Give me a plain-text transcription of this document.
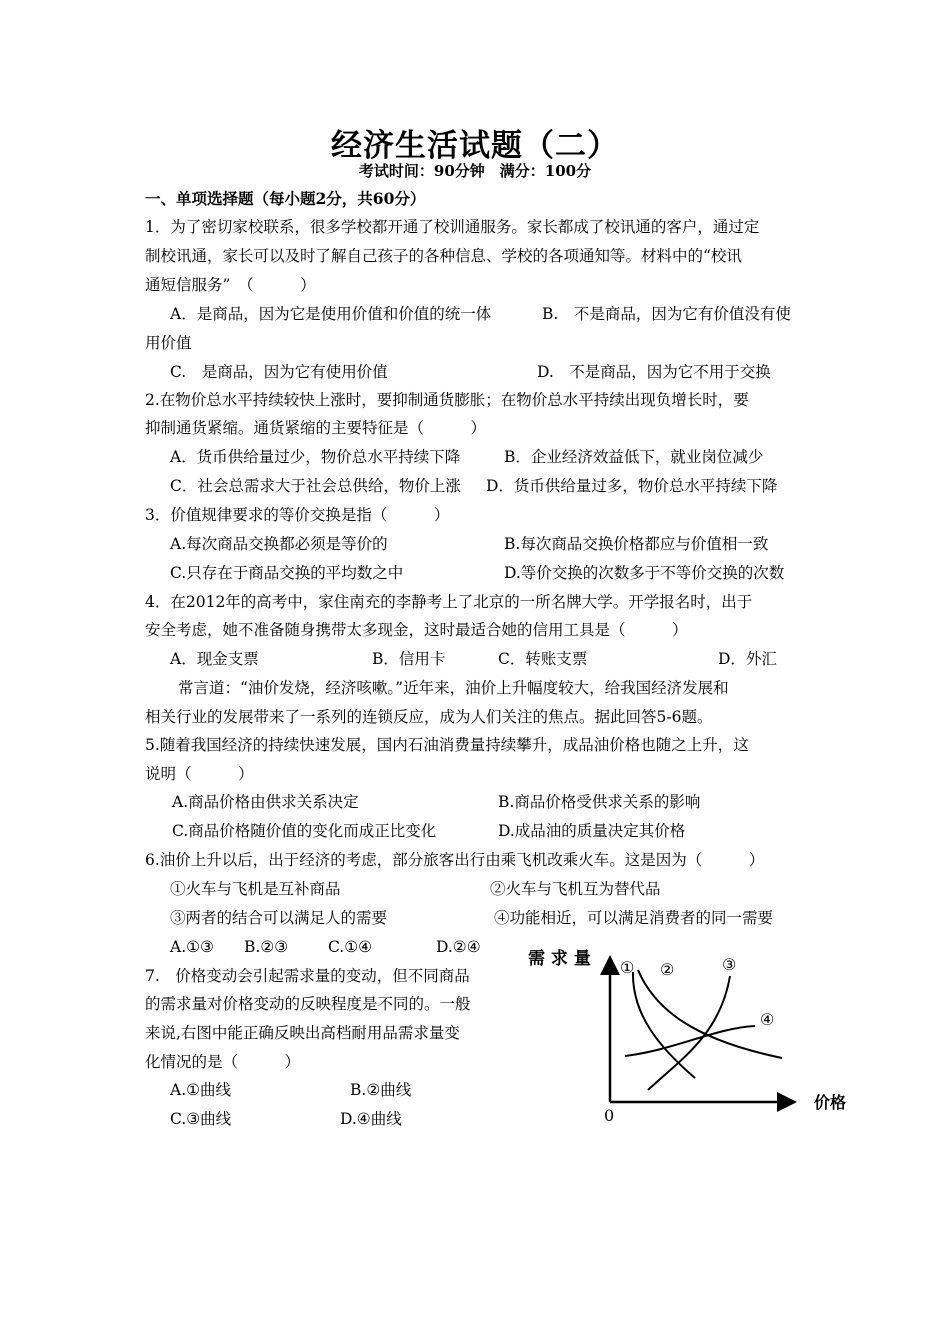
经济生活试题（二）
考试时间：90分钟　满分：100分
一、单项选择题（每小题2分，共60分）
1．为了密切家校联系，很多学校都开通了校训通服务。家长都成了校讯通的客户，通过定
制校讯通，家长可以及时了解自己孩子的各种信息、学校的各项通知等。材料中的“校讯
通短信服务”　（　　　）
A．是商品，因为它是使用价值和价值的统一体	B.　不是商品，因为它有价值没有使
用价值
C.　是商品，因为它有使用价值	D.　不是商品，因为它不用于交换
2.在物价总水平持续较快上涨时，要抑制通货膨胀；在物价总水平持续出现负增长时，要
抑制通货紧缩。通货紧缩的主要特征是（　　　）
A．货币供给量过少，物价总水平持续下降	B．企业经济效益低下，就业岗位减少
C．社会总需求大于社会总供给，物价上涨 D．货币供给量过多，物价总水平持续下降
3．价值规律要求的等价交换是指（　　　）
A.每次商品交换都必须是等价的	B.每次商品交换价格都应与价值相一致
C.只存在于商品交换的平均数之中	D.等价交换的次数多于不等价交换的次数
4．在2012年的高考中，家住南充的李静考上了北京的一所名牌大学。开学报名时，出于
安全考虑，她不准备随身携带太多现金，这时最适合她的信用工具是（　　　）
A．现金支票	B．信用卡	C．转账支票	D．外汇
常言道：“油价发烧，经济咳嗽。”近年来，油价上升幅度较大，给我国经济发展和
相关行业的发展带来了一系列的连锁反应，成为人们关注的焦点。据此回答5-6题。
5.随着我国经济的持续快速发展，国内石油消费量持续攀升，成品油价格也随之上升，这
说明（　　　）
A.商品价格由供求关系决定	B.商品价格受供求关系的影响
C.商品价格随价值的变化而成正比变化	D.成品油的质量决定其价格
6.油价上升以后，出于经济的考虑，部分旅客出行由乘飞机改乘火车。这是因为（　　　）
①火车与飞机是互补商品	②火车与飞机互为替代品
③两者的结合可以满足人的需要	④功能相近，可以满足消费者的同一需要
A.①③ B.②③	C.①④	D.②④
7.　价格变动会引起需求量的变动，但不同商品
的需求量对价格变动的反映程度是不同的。一般
来说,右图中能正确反映出高档耐用品需求量变
化情况的是（　　　）
A.①曲线	B.②曲线
C.③曲线	D.④曲线
需 求 量 ① ②	③
④
0
价格
